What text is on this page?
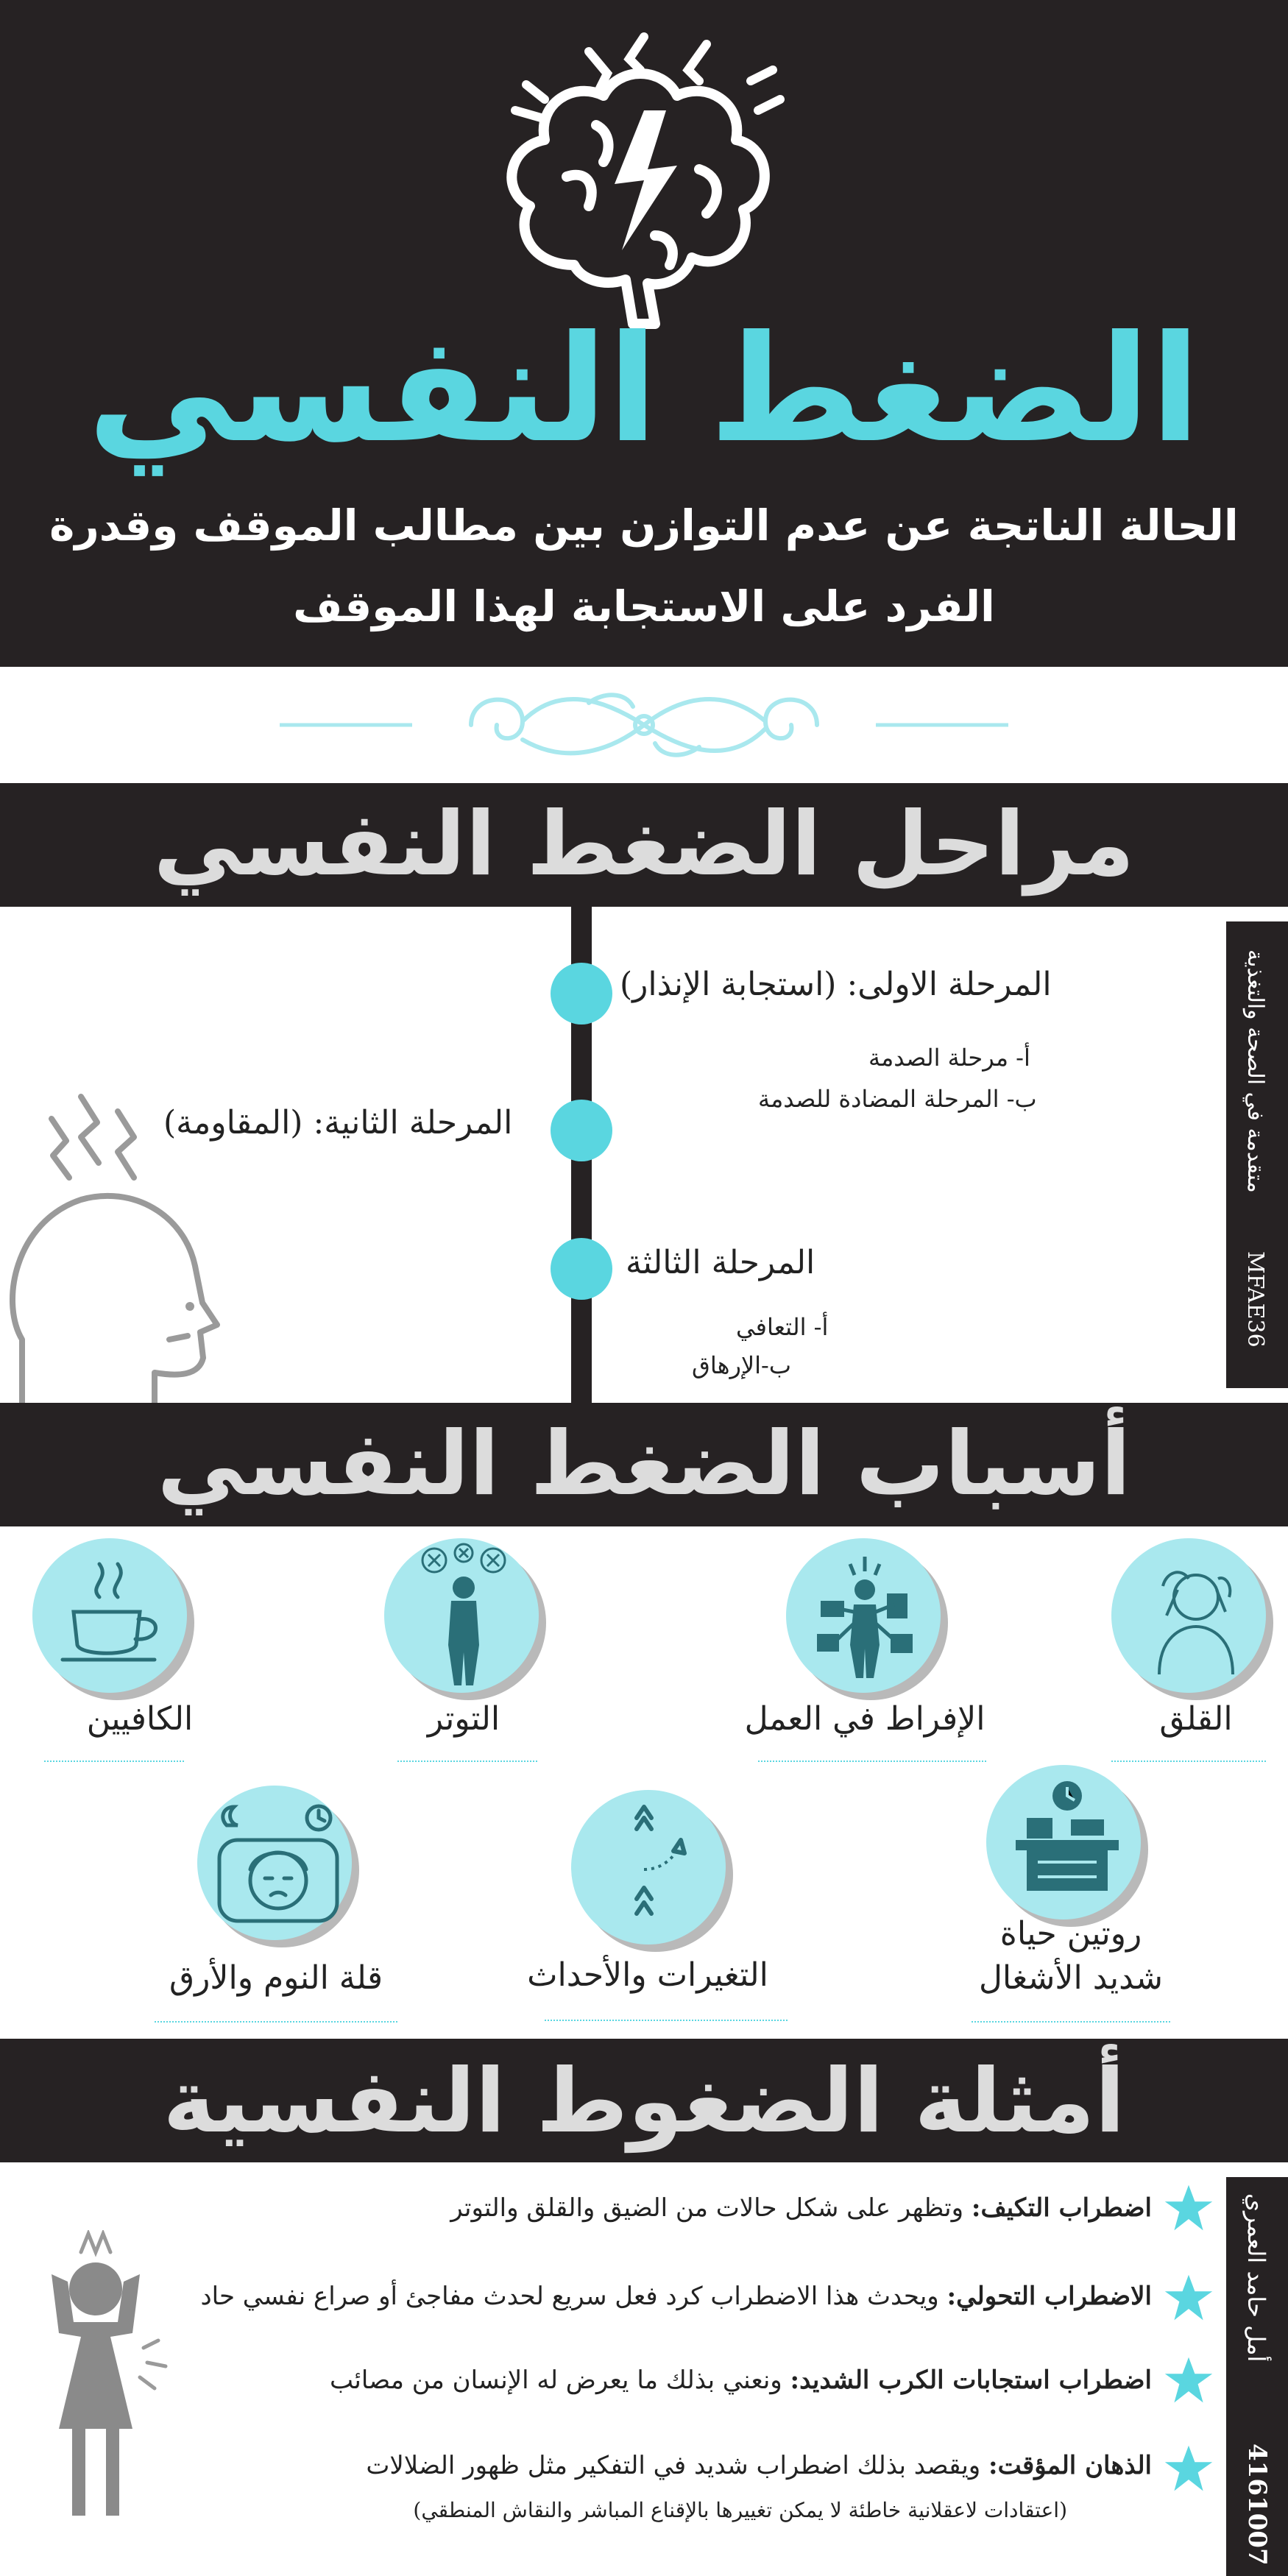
الضغط النفسي
الحالة الناتجة عن عدم التوازن بين مطالب الموقف وقدرة
الفرد على الاستجابة لهذا الموقف
مراحل الضغط النفسي
المرحلة الاولى: (استجابة الإنذار)
أ- مرحلة الصدمة
ب- المرحلة المضادة للصدمة
المرحلة الثانية: (المقاومة)
المرحلة الثالثة
أ- التعافي
ب-الإرهاق
متقدمة في الصحة والتغذية
MFAE36
أسباب الضغط النفسي
القلق
الإفراط في العمل
التوتر
الكافيين
روتين حياة
شديد الأشغال
التغيرات والأحداث
قلة النوم والأرق
أمثلة الضغوط النفسية
اضطراب التكيف: وتظهر على شكل حالات من الضيق والقلق والتوتر
الاضطراب التحولي: ويحدث هذا الاضطراب كرد فعل سريع لحدث مفاجئ أو صراع نفسي حاد
اضطراب استجابات الكرب الشديد: ونعني بذلك ما يعرض له الإنسان من مصائب
الذهان المؤقت: ويقصد بذلك اضطراب شديد في التفكير مثل ظهور الضلالات
(اعتقادات لاعقلانية خاطئة لا يمكن تغييرها بالإقناع المباشر والنقاش المنطقي)
أمل حامد العمري
4161007
